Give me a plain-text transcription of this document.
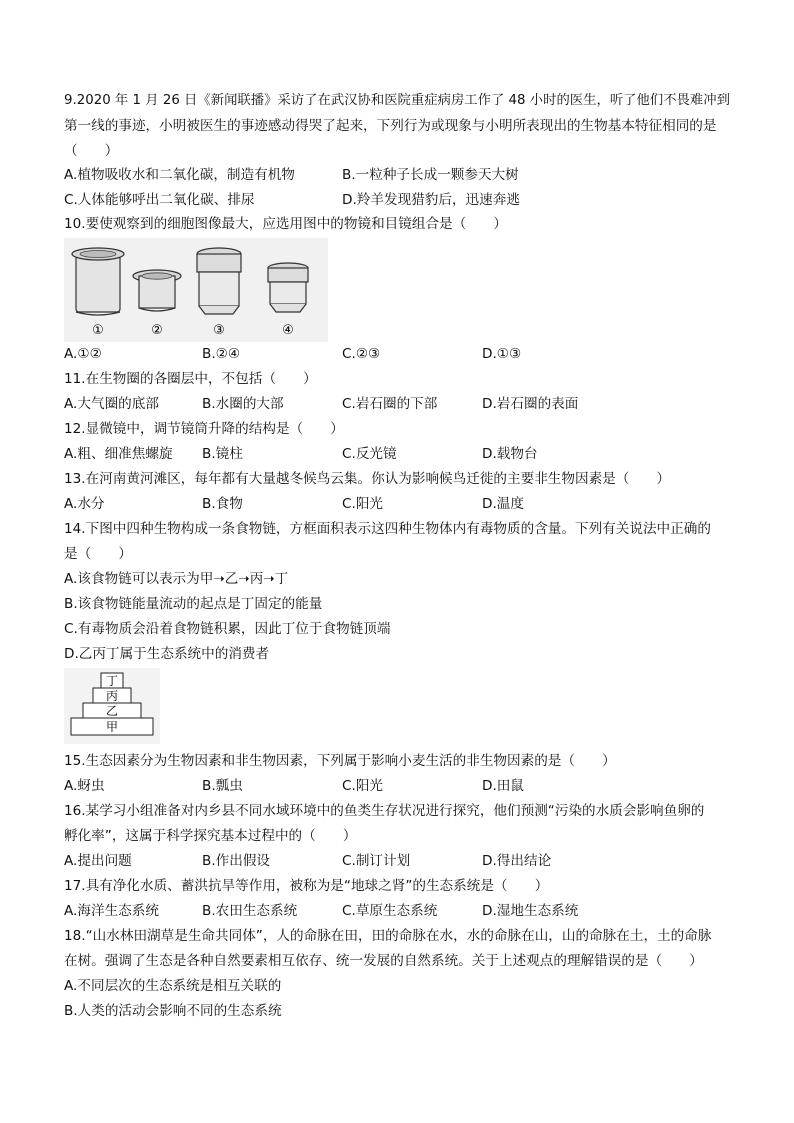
9.2020 年 1 月 26 日《新闻联播》采访了在武汉协和医院重症病房工作了 48 小时的医生，听了他们不畏难冲到
第一线的事迹，小明被医生的事迹感动得哭了起来，下列行为或现象与小明所表现出的生物基本特征相同的是
（　　）
A.植物吸收水和二氧化碳，制造有机物	B.一粒种子长成一颗参天大树
C.人体能够呼出二氧化碳、排尿	D.羚羊发现猎豹后，迅速奔逃
10.要使观察到的细胞图像最大，应选用图中的物镜和目镜组合是（　　）
①	②	③	④
A.①②	B.②④	C.②③	D.①③
11.在生物圈的各圈层中，不包括（　　）
A.大气圈的底部	B.水圈的大部	C.岩石圈的下部	D.岩石圈的表面
12.显微镜中，调节镜筒升降的结构是（　　）
A.粗、细准焦螺旋 B.镜柱	C.反光镜	D.载物台
13.在河南黄河滩区，每年都有大量越冬候鸟云集。你认为影响候鸟迁徙的主要非生物因素是（　　）
A.水分	B.食物	C.阳光	D.温度
14.下图中四种生物构成一条食物链，方框面积表示这四种生物体内有毒物质的含量。下列有关说法中正确的
是（　　）
A.该食物链可以表示为甲➝乙➝丙➝丁
B.该食物链能量流动的起点是丁固定的能量
C.有毒物质会沿着食物链积累，因此丁位于食物链顶端
D.乙丙丁属于生态系统中的消费者
丁
丙
乙
甲
15.生态因素分为生物因素和非生物因素，下列属于影响小麦生活的非生物因素的是（　　）
A.蚜虫	B.瓢虫	C.阳光	D.田鼠
16.某学习小组准备对内乡县不同水域环境中的鱼类生存状况进行探究，他们预测“污染的水质会影响鱼卵的
孵化率”，这属于科学探究基本过程中的（　　）
A.提出问题	B.作出假设	C.制订计划	D.得出结论
17.具有净化水质、蓄洪抗旱等作用，被称为是“地球之肾”的生态系统是（　　）
A.海洋生态系统	B.农田生态系统	C.草原生态系统	D.湿地生态系统
18.“山水林田湖草是生命共同体”，人的命脉在田，田的命脉在水，水的命脉在山，山的命脉在土，土的命脉
在树。强调了生态是各种自然要素相互依存、统一发展的自然系统。关于上述观点的理解错误的是（　　）
A.不同层次的生态系统是相互关联的
B.人类的活动会影响不同的生态系统
